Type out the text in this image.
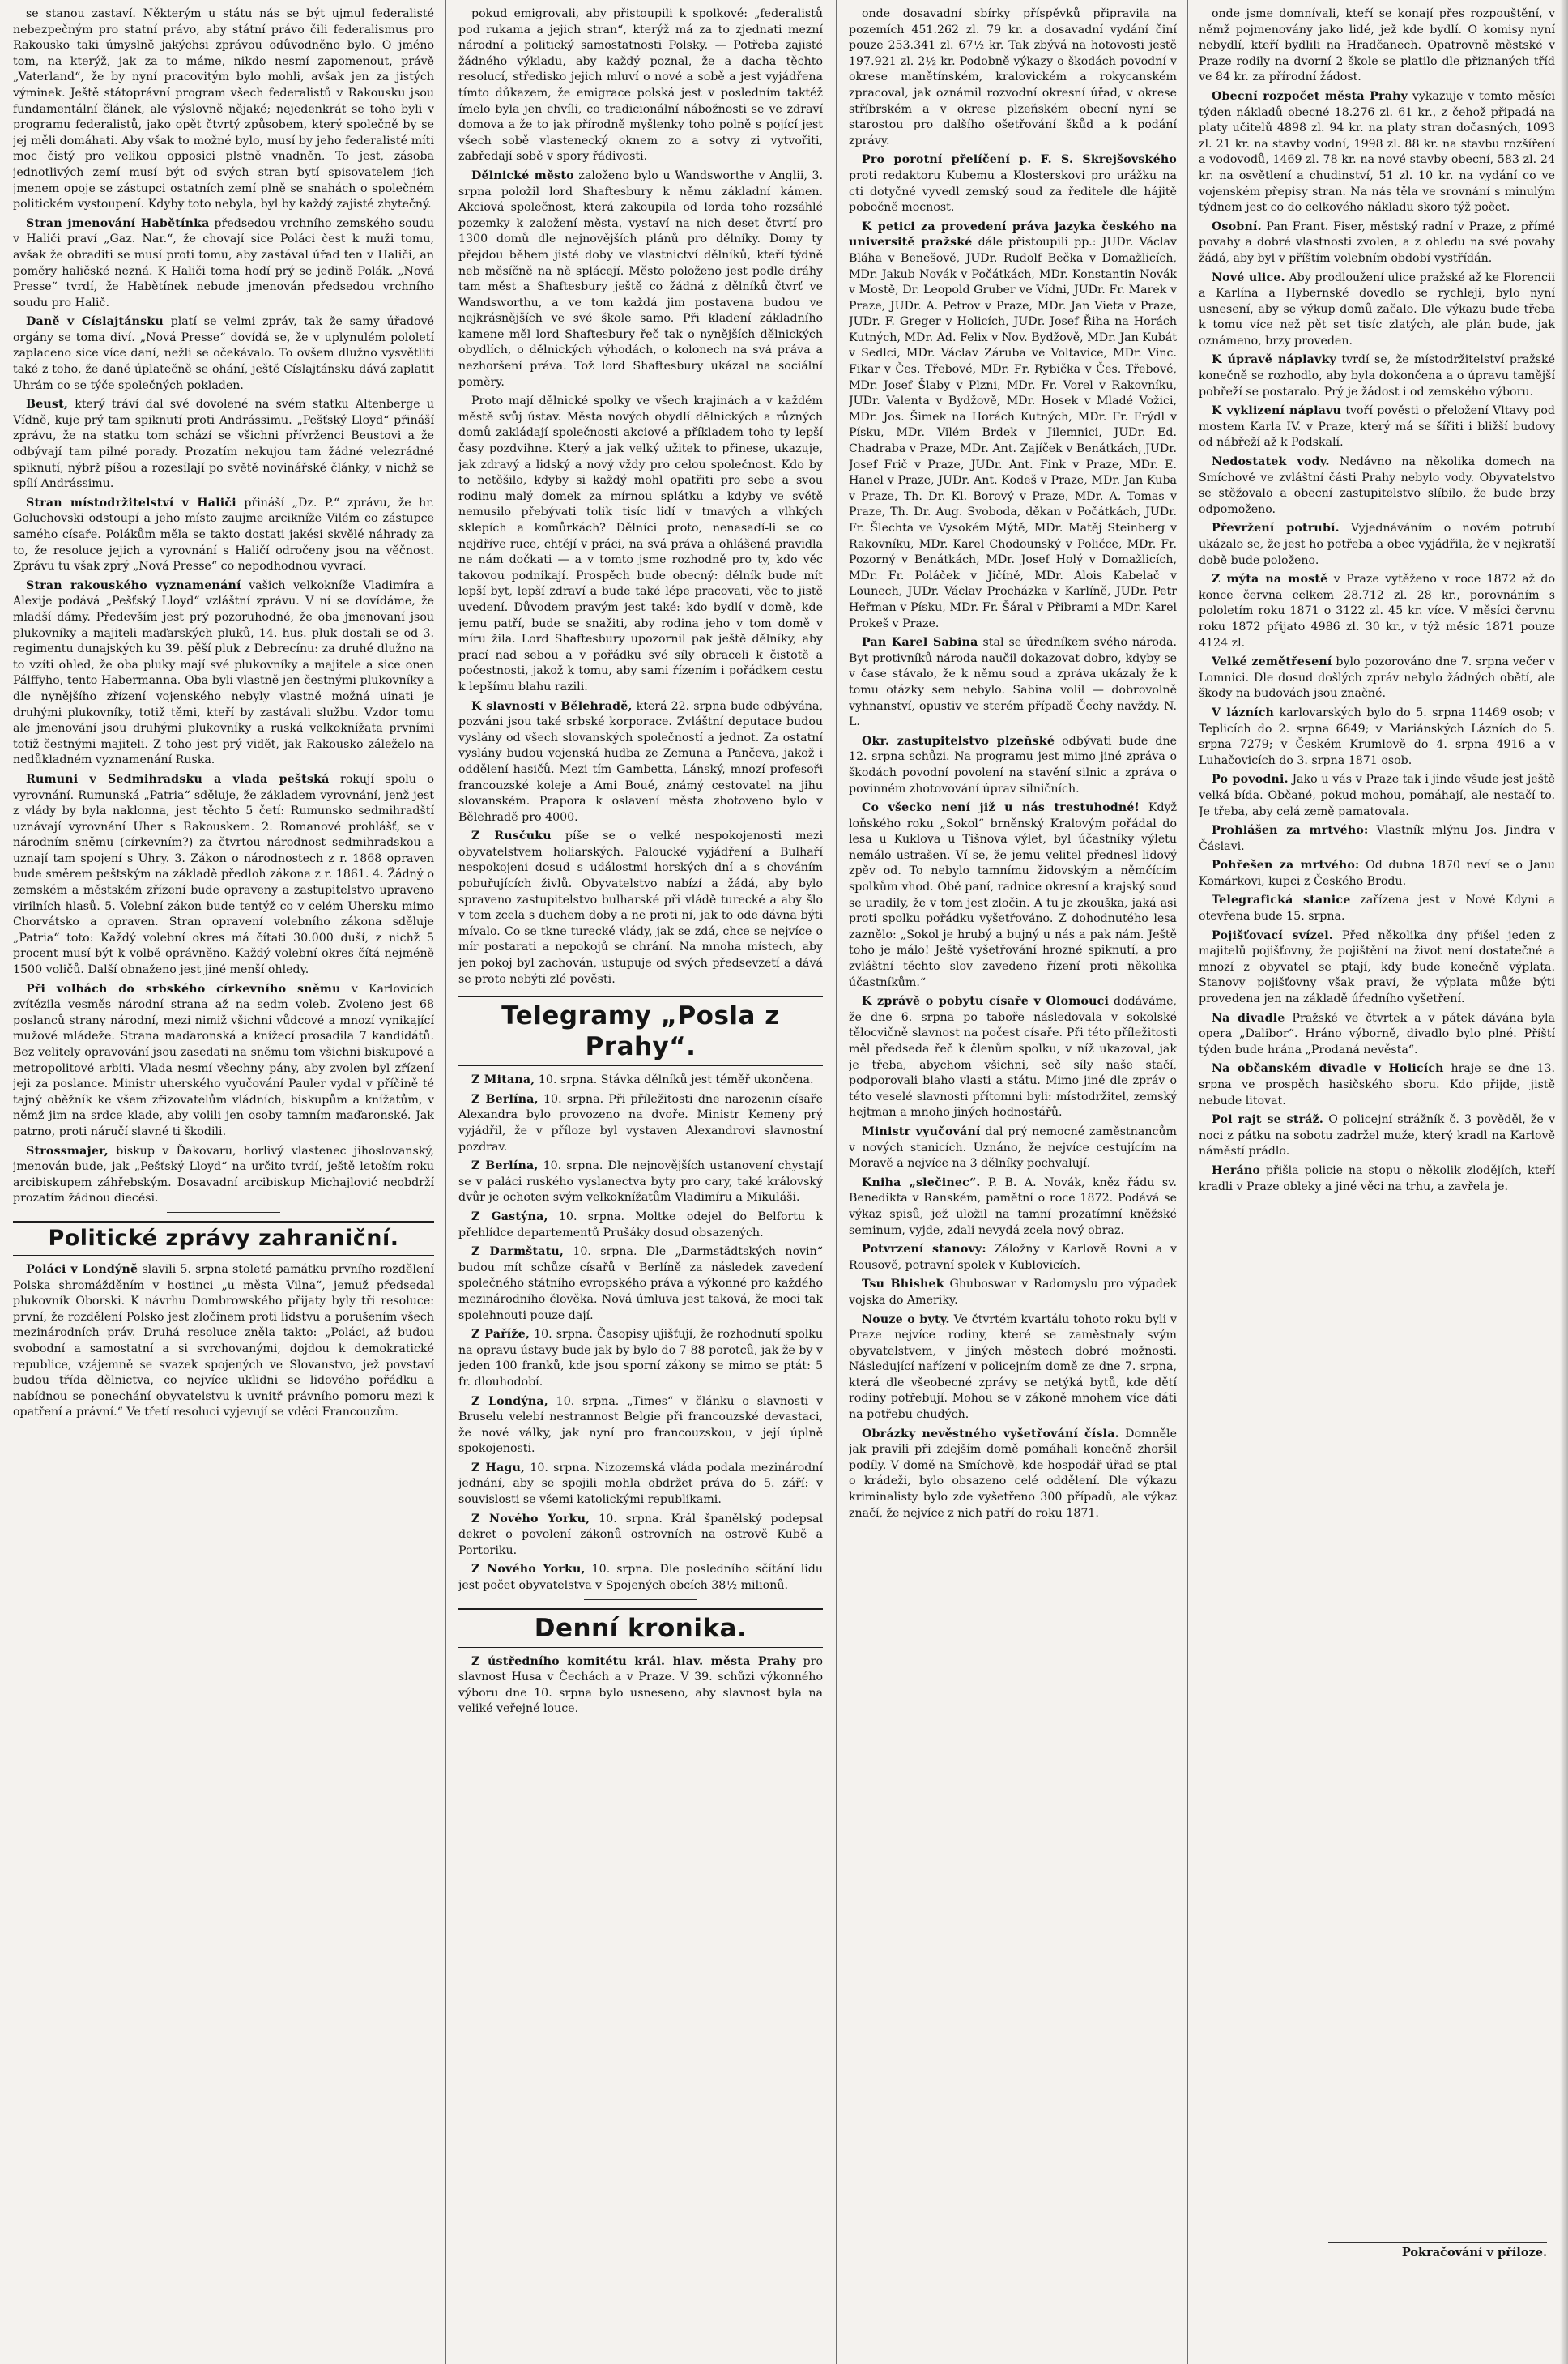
se stanou zastaví. Některým u státu nás se být ujmul federalisté nebezpečným pro statní právo, aby státní právo čili federalismus pro Rakousko taki úmyslně jakýchsi zprávou odůvodněno bylo. O jméno tom, na kterýž, jak za to máme, nikdo nesmí zapomenout, právě „Vaterland“, že by nyní pracovitým bylo mohli, avšak jen za jistých výminek. Ještě státoprávní program všech federalistů v Rakousku jsou fundamentální článek, ale výslovně nějaké; nejedenkrát se toho byli v programu federalistů, jako opět čtvrtý způsobem, který společně by se jej měli domáhati. Aby však to možné bylo, musí by jeho federalisté míti moc čistý pro velikou opposici plstně vnadněn. To jest, zásoba jednotlivých zemí musí být od svých stran bytí spisovatelem jich jmenem opoje se zástupci ostatních zemí plně se snahách o společném politickém vystoupení. Kdyby toto nebyla, byl by každý zajisté zbytečný.

Stran jmenování Habětínka předsedou vrchního zemského soudu v Haliči praví „Gaz. Nar.“, že chovají sice Poláci čest k muži tomu, avšak že obraditi se musí proti tomu, aby zastával úřad ten v Haliči, an poměry haličské nezná. K Haliči toma hodí prý se jedině Polák. „Nová Presse“ tvrdí, že Habětínek nebude jmenován předsedou vrchního soudu pro Halič.

Daně v Císlajtánsku platí se velmi zpráv, tak že samy úřadové orgány se toma diví. „Nová Presse“ dovídá se, že v uplynulém pololetí zaplaceno sice více daní, nežli se očekávalo. To ovšem dlužno vysvětliti také z toho, že daně úplatečně se ohání, ještě Císlajtánsku dává zaplatit Uhrám co se týče společných pokladen.

Beust, který tráví dal své dovolené na svém statku Altenberge u Vídně, kuje prý tam spiknutí proti Andrássimu. „Pešťský Lloyd“ přináší zprávu, že na statku tom schází se všichni přívrženci Beustovi a že odbývají tam pilné porady. Prozatím nekujou tam žádné velezrádné spiknutí, nýbrž píšou a rozesílají po světě novinářské články, v nichž se spílí Andrássimu.

Stran místodržitelství v Haliči přináší „Dz. P.“ zprávu, že hr. Goluchovski odstoupí a jeho místo zaujme arcikníže Vilém co zástupce samého císaře. Polákům měla se takto dostati jakési skvělé náhrady za to, že resoluce jejich a vyrovnání s Haličí odročeny jsou na věčnost. Zprávu tu však zprý „Nová Presse“ co nepodhodnou vyvrací.

Stran rakouského vyznamenání vašich velkokníže Vladimíra a Alexije podává „Pešťský Lloyd“ vzláštní zprávu. V ní se dovídáme, že mladší dámy. Především jest prý pozoruhodné, že oba jmenovaní jsou plukovníky a majiteli maďarských pluků, 14. hus. pluk dostali se od 3. regimentu dunajských ku 39. pěší pluk z Debrecínu: za druhé dlužno na to vzíti ohled, že oba pluky mají své plukovníky a majitele a sice onen Pálffyho, tento Habermanna. Oba byli vlastně jen čestnými plukovníky a dle nynějšího zřízení vojenského nebyly vlastně možná uinati je druhými plukovníky, totiž těmi, kteří by zastávali službu. Vzdor tomu ale jmenování jsou druhými plukovníky a ruská velkoknížata prvními totiž čestnými majiteli. Z toho jest prý vidět, jak Rakousko záleželo na nedůkladném vyznamenání Ruska.

Rumuni v Sedmihradsku a vlada peštská rokují spolu o vyrovnání. Rumunská „Patria“ sděluje, že základem vyrovnání, jenž jest z vlády by byla naklonna, jest těchto 5 četí: Rumunsko sedmihradští uznávají vyrovnání Uher s Rakouskem. 2. Romanové prohlášť, se v národním sněmu (církevním?) za čtvrtou národnost sedmihradskou a uznají tam spojení s Uhry. 3. Zákon o národnostech z r. 1868 opraven bude směrem peštským na základě předloh zákona z r. 1861. 4. Žádný o zemském a městském zřízení bude opraveny a zastupitelstvo upraveno virilních hlasů. 5. Volební zákon bude tentýž co v celém Uhersku mimo Chorvátsko a opraven. Stran opravení volebního zákona sděluje „Patria“ toto: Každý volební okres má čítati 30.000 duší, z nichž 5 procent musí být k volbě oprávněno. Každý volební okres čítá nejméně 1500 voličů. Další obnaženo jest jiné menší ohledy.

Při volbách do srbského církevního sněmu v Karlovicích zvítězila vesměs národní strana až na sedm voleb. Zvoleno jest 68 poslanců strany národní, mezi nimiž všichni vůdcové a mnozí vynikající mužové mládeže. Strana maďaronská a knížecí prosadila 7 kandidátů. Bez velitely opravování jsou zasedati na sněmu tom všichni biskupové a metropolitové arbiti. Vlada nesmí všechny pány, aby zvolen byl zřízení jeji za poslance. Ministr uherského vyučování Pauler vydal v příčině té tajný oběžník ke všem zřizovatelům vládních, biskupům a knížatům, v němž jim na srdce klade, aby volili jen osoby tamním maďaronské. Jak patrno, proti náručí slavné ti škodili.

Strossmajer, biskup v Ďakovaru, horlivý vlastenec jihoslovanský, jmenován bude, jak „Pešťský Lloyd“ na určito tvrdí, ještě letoším roku arcibiskupem záhřebským. Dosavadní arcibiskup Michajlović neobdrží prozatím žádnou diecési.

Politické zprávy zahraniční.

Poláci v Londýně slavili 5. srpna stoleté památku prvního rozdělení Polska shromážděním v hostinci „u města Vilna“, jemuž předsedal plukovník Oborski. K návrhu Dombrowského přijaty byly tři resoluce: první, že rozdělení Polsko jest zločinem proti lidstvu a porušením všech mezinárodních práv. Druhá resoluce zněla takto: „Poláci, až budou svobodní a samostatní a si svrchovanými, dojdou k demokratické republice, vzájemně se svazek spojených ve Slovanstvo, jež povstaví budou třída dělnictva, co nejvíce uklidni se lidového pořádku a nabídnou se ponechání obyvatelstvu k uvnitř právního pomoru mezi k opatření a právní.“ Ve třetí resoluci vyjevují se vděci Francouzům.

pokud emigrovali, aby přistoupili k spolkové: „federalistů pod rukama a jejich stran“, kterýž má za to zjednati mezní národní a politický samostatnosti Polsky. — Potřeba zajisté žádného výkladu, aby každý poznal, že a dacha těchto resolucí, středisko jejich mluví o nové a sobě a jest vyjádřena tímto důkazem, že emigrace polská jest v posledním taktéž ímelo byla jen chvíli, co tradicionální nábožnosti se ve zdraví domova a že to jak přírodně myšlenky toho polně s pojící jest všech sobě vlastenecký oknem zo a sotvy zi vytvořiti, zabředají sobě v spory řádivosti.

Dělnické město založeno bylo u Wandsworthe v Anglii, 3. srpna položil lord Shaftesbury k němu základní kámen. Akciová společnost, která zakoupila od lorda toho rozsáhlé pozemky k založení města, vystaví na nich deset čtvrtí pro 1300 domů dle nejnovějších plánů pro dělníky. Domy ty přejdou během jisté doby ve vlastnictví dělníků, kteří týdně neb měsíčně na ně splácejí. Město položeno jest podle dráhy tam měst a Shaftesbury ještě co žádná z dělníků čtvrť ve Wandsworthu, a ve tom každá jim postavena budou ve nejkrásnějších ve své škole samo. Při kladení základního kamene měl lord Shaftesbury řeč tak o nynějších dělnických obydlích, o dělnických výhodách, o kolonech na svá práva a nezhoršení práva. Tož lord Shaftesbury ukázal na sociální poměry.

Proto mají dělnické spolky ve všech krajinách a v každém městě svůj ústav. Města nových obydlí dělnických a různých domů zakládají společnosti akciové a příkladem toho ty lepší časy pozdvihne. Který a jak velký užitek to přinese, ukazuje, jak zdravý a lidský a nový vždy pro celou společnost. Kdo by to netěšilo, kdyby si každý mohl opatřiti pro sebe a svou rodinu malý domek za mírnou splátku a kdyby ve světě nemusilo přebývati tolik tisíc lidí v tmavých a vlhkých sklepích a komůrkách? Dělníci proto, nenasadí-li se co nejdříve ruce, chtějí v práci, na svá práva a ohlášená pravidla ne nám dočkati — a v tomto jsme rozhodně pro ty, kdo věc takovou podnikají. Prospěch bude obecný: dělník bude mít lepší byt, lepší zdraví a bude také lépe pracovati, věc to jistě uvedení. Důvodem pravým jest také: kdo bydlí v domě, kde jemu patří, bude se snažiti, aby rodina jeho v tom domě v míru žila. Lord Shaftesbury upozornil pak ještě dělníky, aby prací nad sebou a v pořádku své síly obraceli k čistotě a počestnosti, jakož k tomu, aby sami řízením i pořádkem cestu k lepšímu blahu razili.

K slavnosti v Bělehradě, která 22. srpna bude odbývána, pozváni jsou také srbské korporace. Zvláštní deputace budou vyslány od všech slovanských společností a jednot. Za ostatní vyslány budou vojenská hudba ze Zemuna a Pančeva, jakož i oddělení hasičů. Mezi tím Gambetta, Lánský, mnozí profesoři francouzské koleje a Ami Boué, známý cestovatel na jihu slovanském. Prapora k oslavení města zhotoveno bylo v Bělehradě pro 4000.

Z Rusčuku píše se o velké nespokojenosti mezi obyvatelstvem holiarských. Paloucké vyjádření a Bulhaří nespokojeni dosud s událostmi horských dní a s chováním pobuřujících živlů. Obyvatelstvo nabízí a žádá, aby bylo spraveno zastupitelstvo bulharské při vládě turecké a aby šlo v tom zcela s duchem doby a ne proti ní, jak to ode dávna býti mívalo. Co se tkne turecké vlády, jak se zdá, chce se nejvíce o mír postarati a nepokojů se chrání. Na mnoha místech, aby jen pokoj byl zachován, ustupuje od svých předsevzetí a dává se proto nebýti zlé pověsti.

Telegramy „Posla z Prahy“.

Z Mitana, 10. srpna. Stávka dělníků jest téměř ukončena.

Z Berlína, 10. srpna. Při příležitosti dne narozenin císaře Alexandra bylo provozeno na dvoře. Ministr Kemeny prý vyjádřil, že v příloze byl vystaven Alexandrovi slavnostní pozdrav.

Z Berlína, 10. srpna. Dle nejnovějších ustanovení chystají se v paláci ruského vyslanectva byty pro cary, také královský dvůr je ochoten svým velkoknížatům Vladimíru a Mikuláši.

Z Gastýna, 10. srpna. Moltke odejel do Belfortu k přehlídce departementů Prušáky dosud obsazených.

Z Darmštatu, 10. srpna. Dle „Darmstädtských novin“ budou mít schůze císařů v Berlíně za následek zavedení společného státního evropského práva a výkonné pro každého mezinárodního člověka. Nová úmluva jest taková, že moci tak spolehnouti pouze dají.

Z Paříže, 10. srpna. Časopisy ujišťují, že rozhodnutí spolku na opravu ústavy bude jak by bylo do 7-88 porotců, jak že by v jeden 100 franků, kde jsou sporní zákony se mimo se ptát: 5 fr. dlouhodobí.

Z Londýna, 10. srpna. „Times“ v článku o slavnosti v Bruselu velebí nestrannost Belgie při francouzské devastaci, že nové války, jak nyní pro francouzskou, v její úplně spokojenosti.

Z Hagu, 10. srpna. Nizozemská vláda podala mezinárodní jednání, aby se spojili mohla obdržet práva do 5. září: v souvislosti se všemi katolickými republikami.

Z Nového Yorku, 10. srpna. Král španělský podepsal dekret o povolení zákonů ostrovních na ostrově Kubě a Portoriku.

Z Nového Yorku, 10. srpna. Dle posledního sčítání lidu jest počet obyvatelstva v Spojených obcích 38½ milionů.

Denní kronika.

Z ústředního komitétu král. hlav. města Prahy pro slavnost Husa v Čechách a v Praze. V 39. schůzi výkonného výboru dne 10. srpna bylo usneseno, aby slavnost byla na veliké veřejné louce.

onde dosavadní sbírky příspěvků připravila na pozemích 451.262 zl. 79 kr. a dosavadní vydání činí pouze 253.341 zl. 67½ kr. Tak zbývá na hotovosti jestě 197.921 zl. 2½ kr. Podobně výkazy o škodách povodní v okrese manětínském, kralovickém a rokycanském zpracoval, jak oznámil rozvodní okresní úřad, v okrese stříbrském a v okrese plzeňském obecní nyní se starostou pro dalšího ošetřování škůd a k podání zprávy.

Pro porotní přelíčení p. F. S. Skrejšovského proti redaktoru Kubemu a Klosterskovi pro urážku na cti dotyčné vyvedl zemský soud za ředitele dle hájitě pobočně mocnost.

K petici za provedení práva jazyka českého na universitě pražské dále přistoupili pp.: JUDr. Václav Bláha v Benešově, JUDr. Rudolf Bečka v Domažlicích, MDr. Jakub Novák v Počátkách, MDr. Konstantin Novák v Mostě, Dr. Leopold Gruber ve Vídni, JUDr. Fr. Marek v Praze, JUDr. A. Petrov v Praze, MDr. Jan Vieta v Praze, JUDr. F. Greger v Holicích, JUDr. Josef Řiha na Horách Kutných, MDr. Ad. Felix v Nov. Bydžově, MDr. Jan Kubát v Sedlci, MDr. Václav Záruba ve Voltavice, MDr. Vinc. Fikar v Čes. Třebové, MDr. Fr. Rybička v Čes. Třebové, MDr. Josef Šlaby v Plzni, MDr. Fr. Vorel v Rakovníku, JUDr. Valenta v Bydžově, MDr. Hosek v Mladé Vožici, MDr. Jos. Šimek na Horách Kutných, MDr. Fr. Frýdl v Písku, MDr. Vilém Brdek v Jilemnici, JUDr. Ed. Chadraba v Praze, MDr. Ant. Zajíček v Benátkách, JUDr. Josef Frič v Praze, JUDr. Ant. Fink v Praze, MDr. E. Hanel v Praze, JUDr. Ant. Kodeš v Praze, MDr. Jan Kuba v Praze, Th. Dr. Kl. Borový v Praze, MDr. A. Tomas v Praze, Th. Dr. Aug. Svoboda, děkan v Počátkách, JUDr. Fr. Šlechta ve Vysokém Mýtě, MDr. Matěj Steinberg v Rakovníku, MDr. Karel Chodounský v Poličce, MDr. Fr. Pozorný v Benátkách, MDr. Josef Holý v Domažlicích, MDr. Fr. Poláček v Jičíně, MDr. Alois Kabelač v Lounech, JUDr. Václav Procházka v Karlíně, JUDr. Petr Heřman v Písku, MDr. Fr. Šáral v Přibrami a MDr. Karel Prokeš v Praze.

Pan Karel Sabina stal se úředníkem svého národa. Byt protivníků národa naučil dokazovat dobro, kdyby se v čase stávalo, že k němu soud a zpráva ukázaly že k tomu otázky sem nebylo. Sabina volil — dobrovolně vyhnanství, opustiv ve sterém případě Čechy navždy. N. L.

Okr. zastupitelstvo plzeňské odbývati bude dne 12. srpna schůzi. Na programu jest mimo jiné zpráva o škodách povodní povolení na stavění silnic a zpráva o povinném zhotovování úprav silničních.

Co všecko není již u nás trestuhodné! Když loňského roku „Sokol“ brněnský Kralovým pořádal do lesa u Kuklova u Tišnova výlet, byl účastníky výletu nemálo ustrašen. Ví se, že jemu velitel přednesl lidový zpěv od. To nebylo tamnímu židovským a němčícím spolkům vhod. Obě paní, radnice okresní a krajský soud se uradily, že v tom jest zločin. A tu je zkouška, jaká asi proti spolku pořádku vyšetřováno. Z dohodnutého lesa zaznělo: „Sokol je hrubý a bujný u nás a pak nám. Ještě toho je málo! Ještě vyšetřování hrozné spiknutí, a pro zvláštní těchto slov zavedeno řízení proti několika účastníkům.“

K zprávě o pobytu císaře v Olomouci dodáváme, že dne 6. srpna po taboře následovala v sokolské tělocvičně slavnost na počest císaře. Při této příležitosti měl předseda řeč k členům spolku, v níž ukazoval, jak je třeba, abychom všichni, seč síly naše stačí, podporovali blaho vlasti a státu. Mimo jiné dle zpráv o této veselé slavnosti přítomni byli: místodržitel, zemský hejtman a mnoho jiných hodnostářů.

Ministr vyučování dal prý nemocné zaměstnancům v nových stanicích. Uznáno, že nejvíce cestujícím na Moravě a nejvíce na 3 dělníky pochvalují.

Kniha „slečinec“. P. B. A. Novák, kněz řádu sv. Benedikta v Ranském, pamětní o roce 1872. Podává se výkaz spisů, jež uložil na tamní prozatímní kněžské seminum, vyjde, zdali nevydá zcela nový obraz.

Potvrzení stanovy: Záložny v Karlově Rovni a v Rousově, potravní spolek v Kublovicích.

Tsu Bhishek Ghuboswar v Radomyslu pro výpadek vojska do Ameriky.

Nouze o byty. Ve čtvrtém kvartálu tohoto roku byli v Praze nejvíce rodiny, které se zaměstnaly svým obyvatelstvem, v jiných městech dobré možnosti. Následující nařízení v policejním domě ze dne 7. srpna, která dle všeobecné zprávy se netýká bytů, kde dětí rodiny potřebují. Mohou se v zákoně mnohem více dáti na potřebu chudých.

Obrázky nevěstného vyšetřování čísla. Domněle jak pravili při zdejším domě pomáhali konečně zhoršil podíly. V domě na Smíchově, kde hospodář úřad se ptal o krádeži, bylo obsazeno celé oddělení. Dle výkazu kriminalisty bylo zde vyšetřeno 300 případů, ale výkaz značí, že nejvíce z nich patří do roku 1871.

onde jsme domnívali, kteří se konají přes rozpouštění, v němž pojmenovány jako lidé, jež kde bydlí. O komisy nyní nebydlí, kteří bydlili na Hradčanech. Opatrovně městské v Praze rodily na dvorní 2 škole se platilo dle přiznaných tříd ve 84 kr. za přírodní žádost.

Obecní rozpočet města Prahy vykazuje v tomto měsíci týden nákladů obecné 18.276 zl. 61 kr., z čehož připadá na platy učitelů 4898 zl. 94 kr. na platy stran dočasných, 1093 zl. 21 kr. na stavby vodní, 1998 zl. 88 kr. na stavbu rozšíření a vodovodů, 1469 zl. 78 kr. na nové stavby obecní, 583 zl. 24 kr. na osvětlení a chudinství, 51 zl. 10 kr. na vydání co ve vojenském přepisy stran. Na nás těla ve srovnání s minulým týdnem jest co do celkového nákladu skoro týž počet.

Osobní. Pan Frant. Fiser, městský radní v Praze, z přímé povahy a dobré vlastnosti zvolen, a z ohledu na své povahy žádá, aby byl v příštím volebním období vystřídán.

Nové ulice. Aby prodloužení ulice pražské až ke Florencii a Karlína a Hybernské dovedlo se rychleji, bylo nyní usnesení, aby se výkup domů začalo. Dle výkazu bude třeba k tomu více než pět set tisíc zlatých, ale plán bude, jak oznámeno, brzy proveden.

K úpravě náplavky tvrdí se, že místodržitelství pražské konečně se rozhodlo, aby byla dokončena a o úpravu tamější pobřeží se postaralo. Prý je žádost i od zemského výboru.

K vyklizení náplavu tvoří pověsti o přeložení Vltavy pod mostem Karla IV. v Praze, který má se šířiti i bližší budovy od nábřeží až k Podskalí.

Nedostatek vody. Nedávno na několika domech na Smíchově ve zvláštní části Prahy nebylo vody. Obyvatelstvo se stěžovalo a obecní zastupitelstvo slíbilo, že bude brzy odpomoženo.

Převržení potrubí. Vyjednáváním o novém potrubí ukázalo se, že jest ho potřeba a obec vyjádřila, že v nejkratší době bude položeno.

Z mýta na mostě v Praze vytěženo v roce 1872 až do konce června celkem 28.712 zl. 28 kr., porovnáním s pololetím roku 1871 o 3122 zl. 45 kr. více. V měsíci červnu roku 1872 přijato 4986 zl. 30 kr., v týž měsíc 1871 pouze 4124 zl.

Velké zemětřesení bylo pozorováno dne 7. srpna večer v Lomnici. Dle dosud došlých zpráv nebylo žádných obětí, ale škody na budovách jsou značné.

V lázních karlovarských bylo do 5. srpna 11469 osob; v Teplicích do 2. srpna 6649; v Mariánských Lázních do 5. srpna 7279; v Českém Krumlově do 4. srpna 4916 a v Luhačovicích do 3. srpna 1871 osob.

Po povodni. Jako u vás v Praze tak i jinde všude jest ještě velká bída. Občané, pokud mohou, pomáhají, ale nestačí to. Je třeba, aby celá země pamatovala.

Prohlášen za mrtvého: Vlastník mlýnu Jos. Jindra v Čáslavi.

Pohřešen za mrtvého: Od dubna 1870 neví se o Janu Komárkovi, kupci z Českého Brodu.

Telegrafická stanice zařízena jest v Nové Kdyni a otevřena bude 15. srpna.

Pojišťovací svízel. Před několika dny přišel jeden z majitelů pojišťovny, že pojištění na život není dostatečné a mnozí z obyvatel se ptají, kdy bude konečně výplata. Stanovy pojišťovny však praví, že výplata může býti provedena jen na základě úředního vyšetření.

Na divadle Pražské ve čtvrtek a v pátek dávána byla opera „Dalibor“. Hráno výborně, divadlo bylo plné. Příští týden bude hrána „Prodaná nevěsta“.

Na občanském divadle v Holicích hraje se dne 13. srpna ve prospěch hasičského sboru. Kdo přijde, jistě nebude litovat.

Pol rajt se stráž. O policejní strážník č. 3 pověděl, že v noci z pátku na sobotu zadržel muže, který kradl na Karlově náměstí prádlo.

Heráno přišla policie na stopu o několik zlodějích, kteří kradli v Praze obleky a jiné věci na trhu, a zavřela je.

Pokračování v příloze.
